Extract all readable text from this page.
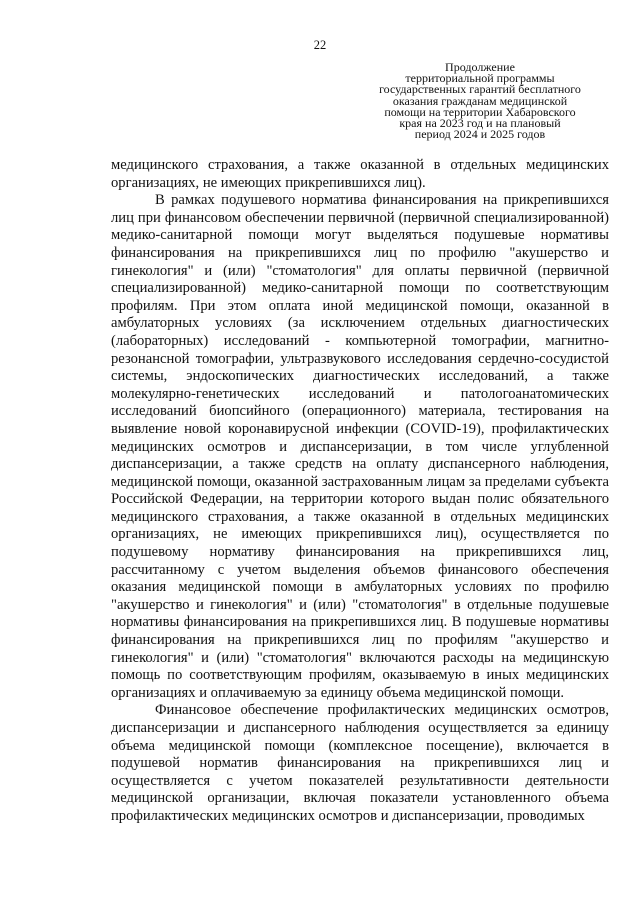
22
Продолжение
территориальной программы
государственных гарантий бесплатного
оказания гражданам медицинской
помощи на территории Хабаровского
края на 2023 год и на плановый
период 2024 и 2025 годов

медицинского страхования, а также оказанной в отдельных медицинских организациях, не имеющих прикрепившихся лиц).

В рамках подушевого норматива финансирования на прикрепившихся лиц при финансовом обеспечении первичной (первичной специализированной) медико-санитарной помощи могут выделяться подушевые нормативы финансирования на прикрепившихся лиц по профилю "акушерство и гинекология" и (или) "стоматология" для оплаты первичной (первичной специализированной) медико-санитарной помощи по соответствующим профилям. При этом оплата иной медицинской помощи, оказанной в амбулаторных условиях (за исключением отдельных диагностических (лабораторных) исследований - компьютерной томографии, магнитно-резонансной томографии, ультразвукового исследования сердечно-сосудистой системы, эндоскопических диагностических исследований, а также молекулярно-генетических исследований и патологоанатомических исследований биопсийного (операционного) материала, тестирования на выявление новой коронавирусной инфекции (COVID-19), профилактических медицинских осмотров и диспансеризации, в том числе углубленной диспансеризации, а также средств на оплату диспансерного наблюдения, медицинской помощи, оказанной застрахованным лицам за пределами субъекта Российской Федерации, на территории которого выдан полис обязательного медицинского страхования, а также оказанной в отдельных медицинских организациях, не имеющих прикрепившихся лиц), осуществляется по подушевому нормативу финансирования на прикрепившихся лиц, рассчитанному с учетом выделения объемов финансового обеспечения оказания медицинской помощи в амбулаторных условиях по профилю "акушерство и гинекология" и (или) "стоматология" в отдельные подушевые нормативы финансирования на прикрепившихся лиц. В подушевые нормативы финансирования на прикрепившихся лиц по профилям "акушерство и гинекология" и (или) "стоматология" включаются расходы на медицинскую помощь по соответствующим профилям, оказываемую в иных медицинских организациях и оплачиваемую за единицу объема медицинской помощи.

Финансовое обеспечение профилактических медицинских осмотров, диспансеризации и диспансерного наблюдения осуществляется за единицу объема медицинской помощи (комплексное посещение), включается в подушевой норматив финансирования на прикрепившихся лиц и осуществляется с учетом показателей результативности деятельности медицинской организации, включая показатели установленного объема профилактических медицинских осмотров и диспансеризации, проводимых
